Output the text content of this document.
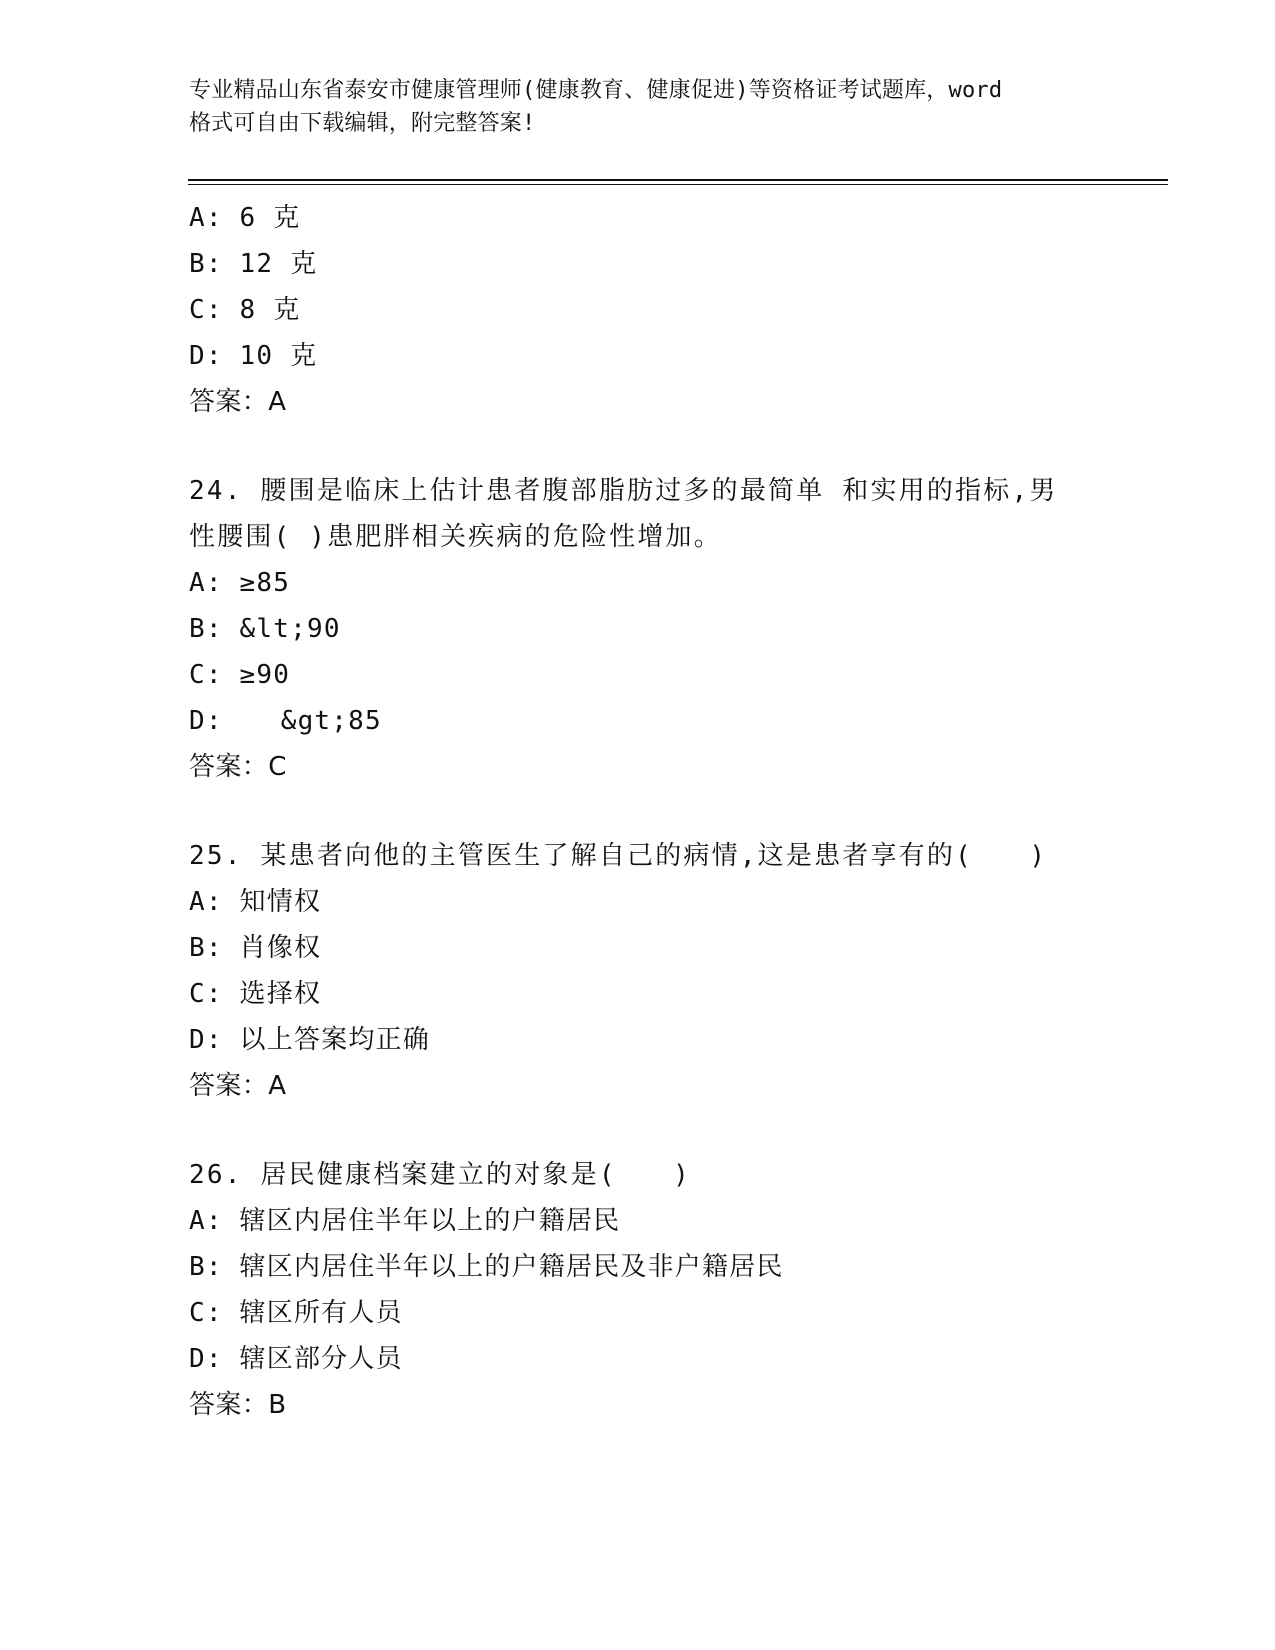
专业精品山东省泰安市健康管理师(健康教育、健康促进)等资格证考试题库，word
格式可自由下载编辑，附完整答案!
A: 6 克
B: 12 克
C: 8 克
D: 10 克
答案：A
24. 腰围是临床上估计患者腹部脂肪过多的最简单 和实用的指标,男
性腰围( )患肥胖相关疾病的危险性增加。
A: ≥85
B: &lt;90
C: ≥90
D: &gt;85
答案：C
25. 某患者向他的主管医生了解自己的病情,这是患者享有的(　　)
A: 知情权
B: 肖像权
C: 选择权
D: 以上答案均正确
答案：A
26. 居民健康档案建立的对象是(　　)
A: 辖区内居住半年以上的户籍居民
B: 辖区内居住半年以上的户籍居民及非户籍居民
C: 辖区所有人员
D: 辖区部分人员
答案：B
